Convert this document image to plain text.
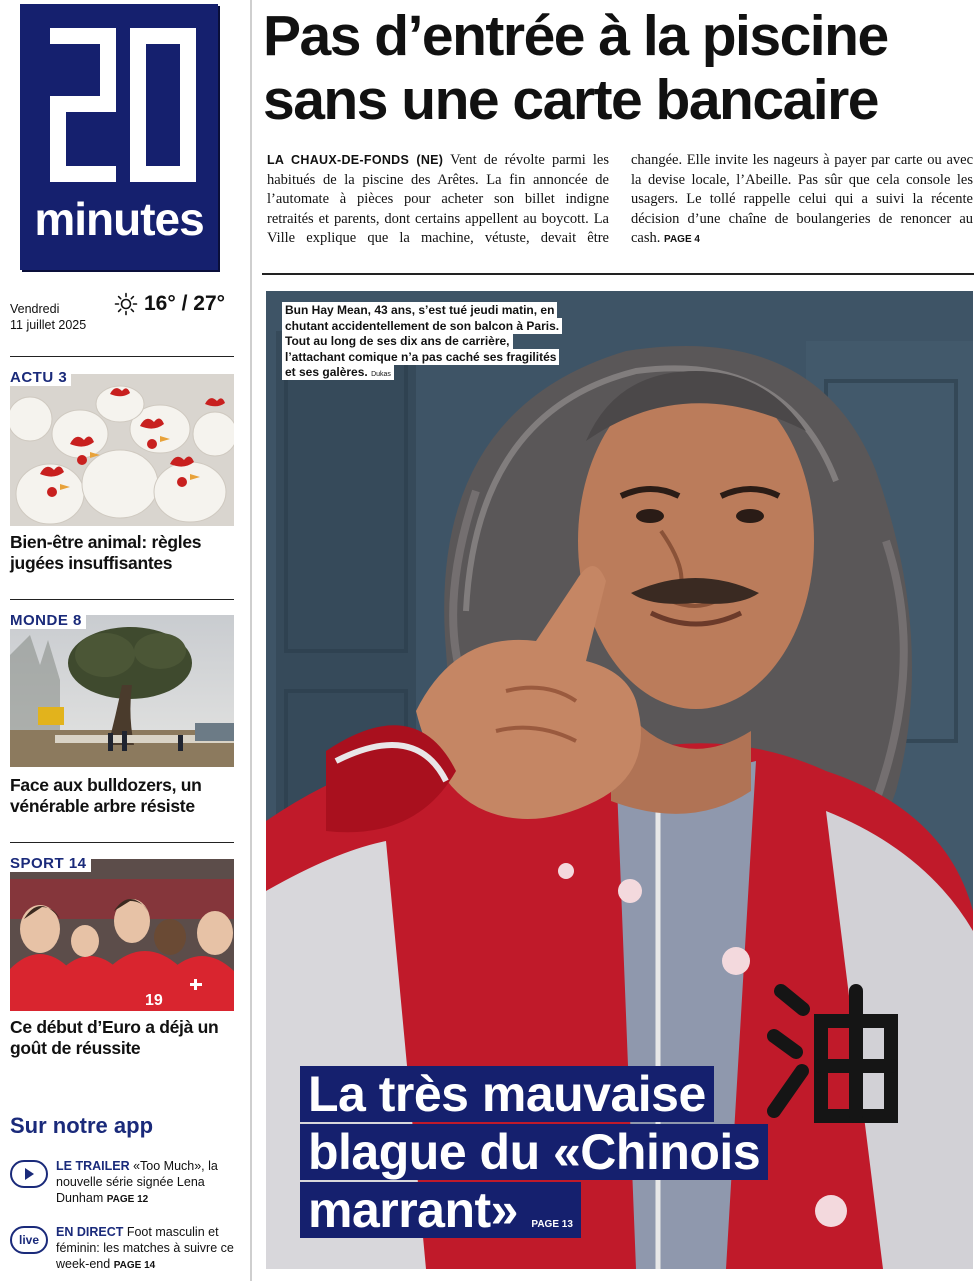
minutes
Pas d’entrée à la piscine sans une carte bancaire
LA CHAUX-DE-FONDS (NE) Vent de révolte parmi les habitués de la piscine des Arêtes. La fin annoncée de l’automate à pièces pour acheter son billet indigne retraités et parents, dont certains appellent au boycott. La Ville explique que la machine, vétuste, devait être changée. Elle invite les nageurs à payer par carte ou avec la devise locale, l’Abeille. Pas sûr que cela console les usagers. Le tollé rappelle celui qui a suivi la récente décision d’une chaîne de boulangeries de renoncer au cash. PAGE 4
Vendredi
11 juillet 2025
16° / 27°
ACTU 3
Bien-être animal: règles jugées insuffisantes
MONDE 8
Face aux bulldozers, un vénérable arbre résiste
SPORT 14
19
Ce début d’Euro a déjà un goût de réussite
Sur notre app
LE TRAILER «Too Much», la nouvelle série signée Lena Dunham PAGE 12
live
EN DIRECT Foot masculin et féminin: les matches à suivre ce week-end PAGE 14
Bun Hay Mean, 43 ans, s’est tué jeudi matin, en chutant accidentellement de son balcon à Paris. Tout au long de ses dix ans de carrière, l’attachant comique n’a pas caché ses fragilités et ses galères. Dukas
La très mauvaise blague du «Chinois marrant» PAGE 13
